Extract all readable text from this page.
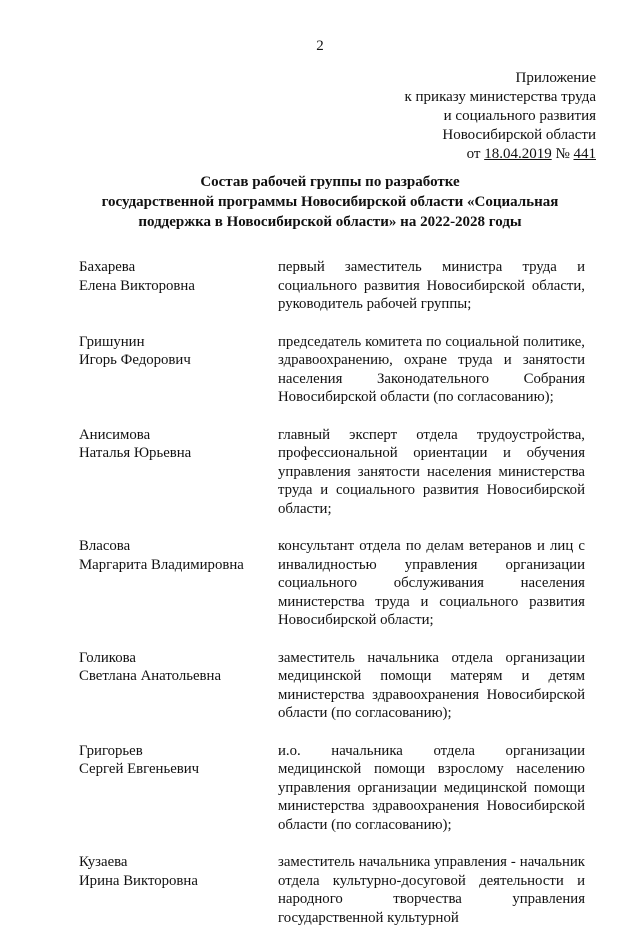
2
Приложение
к приказу министерства труда
и социального развития
Новосибирской области
от 18.04.2019 № 441
Состав рабочей группы по разработке
государственной программы Новосибирской области «Социальная
поддержка в Новосибирской области» на 2022-2028 годы
Бахарева
Елена Викторовна
первый заместитель министра труда и социального развития Новосибирской области, руководитель рабочей группы;
Гришунин
Игорь Федорович
председатель комитета по социальной политике, здравоохранению, охране труда и занятости населения Законодательного Собрания Новосибирской области (по согласованию);
Анисимова
Наталья Юрьевна
главный эксперт отдела трудоустройства, профессиональной ориентации и обучения управления занятости населения министерства труда и социального развития Новосибирской области;
Власова
Маргарита Владимировна
консультант отдела по делам ветеранов и лиц с инвалидностью управления организации социального обслуживания населения министерства труда и социального развития Новосибирской области;
Голикова
Светлана Анатольевна
заместитель начальника отдела организации медицинской помощи матерям и детям министерства здравоохранения Новосибирской области (по согласованию);
Григорьев
Сергей Евгеньевич
и.о. начальника отдела организации медицинской помощи взрослому населению управления организации медицинской помощи министерства здравоохранения Новосибирской области (по согласованию);
Кузаева
Ирина Викторовна
заместитель начальника управления - начальник отдела культурно-досуговой деятельности и народного творчества управления государственной культурной
